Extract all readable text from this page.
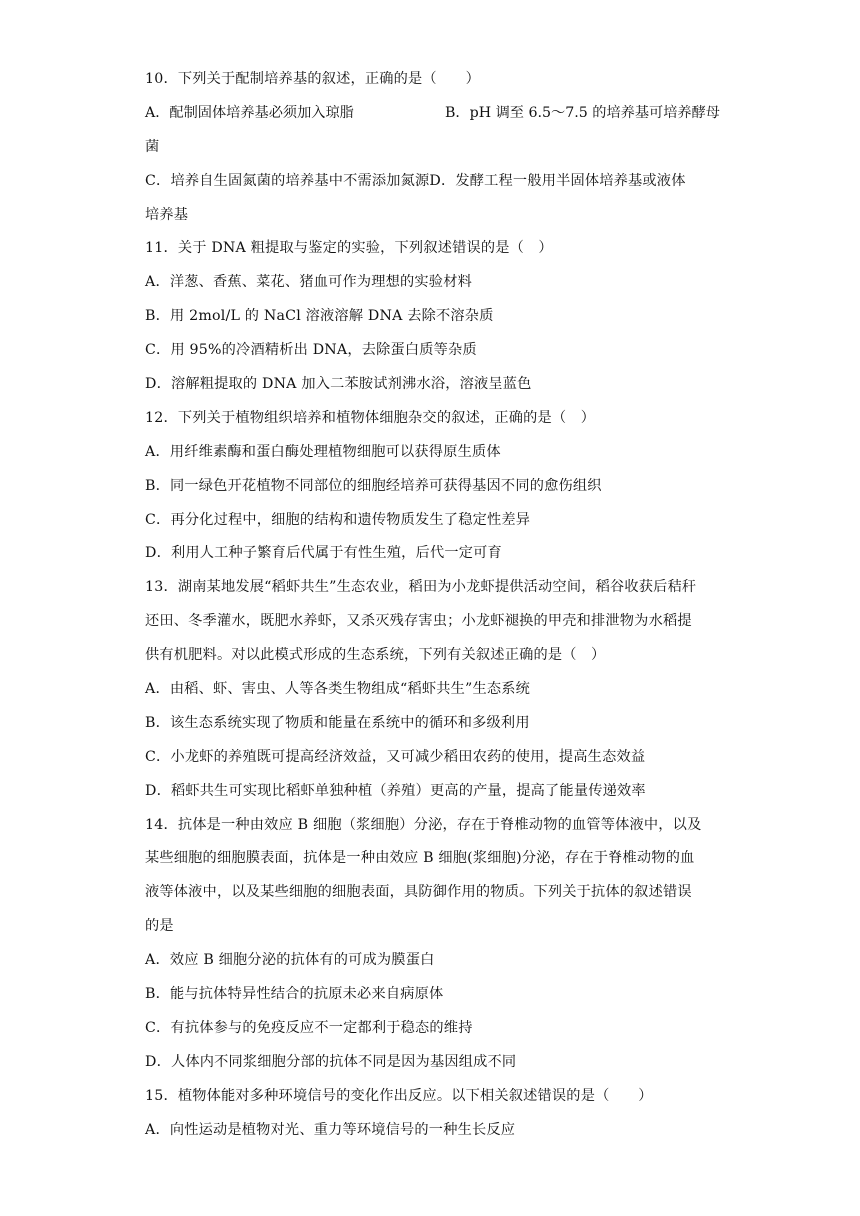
10．下列关于配制培养基的叙述，正确的是（　　）
A．配制固体培养基必须加入琼脂	B．pH 调至 6.5～7.5 的培养基可培养酵母
菌
C．培养自生固氮菌的培养基中不需添加氮源D．发酵工程一般用半固体培养基或液体
培养基
11．关于 DNA 粗提取与鉴定的实验，下列叙述错误的是（　）
A．洋葱、香蕉、菜花、猪血可作为理想的实验材料
B．用 2mol/L 的 NaCl 溶液溶解 DNA 去除不溶杂质
C．用 95%的冷酒精析出 DNA，去除蛋白质等杂质
D．溶解粗提取的 DNA 加入二苯胺试剂沸水浴，溶液呈蓝色
12．下列关于植物组织培养和植物体细胞杂交的叙述，正确的是（　）
A．用纤维素酶和蛋白酶处理植物细胞可以获得原生质体
B．同一绿色开花植物不同部位的细胞经培养可获得基因不同的愈伤组织
C．再分化过程中，细胞的结构和遗传物质发生了稳定性差异
D．利用人工种子繁育后代属于有性生殖，后代一定可育
13．湖南某地发展“稻虾共生”生态农业，稻田为小龙虾提供活动空间，稻谷收获后秸秆
还田、冬季灌水，既肥水养虾，又杀灭残存害虫；小龙虾褪换的甲壳和排泄物为水稻提
供有机肥料。对以此模式形成的生态系统，下列有关叙述正确的是（　）
A．由稻、虾、害虫、人等各类生物组成“稻虾共生”生态系统
B．该生态系统实现了物质和能量在系统中的循环和多级利用
C．小龙虾的养殖既可提高经济效益，又可减少稻田农药的使用，提高生态效益
D．稻虾共生可实现比稻虾单独种植（养殖）更高的产量，提高了能量传递效率
14．抗体是一种由效应 B 细胞（浆细胞）分泌，存在于脊椎动物的血管等体液中，以及
某些细胞的细胞膜表面，抗体是一种由效应 B 细胞(浆细胞)分泌，存在于脊椎动物的血
液等体液中，以及某些细胞的细胞表面，具防御作用的物质。下列关于抗体的叙述错误
的是
A．效应 B 细胞分泌的抗体有的可成为膜蛋白
B．能与抗体特异性结合的抗原未必来自病原体
C．有抗体参与的免疫反应不一定都利于稳态的维持
D．人体内不同浆细胞分部的抗体不同是因为基因组成不同
15．植物体能对多种环境信号的变化作出反应。以下相关叙述错误的是（　　）
A．向性运动是植物对光、重力等环境信号的一种生长反应
